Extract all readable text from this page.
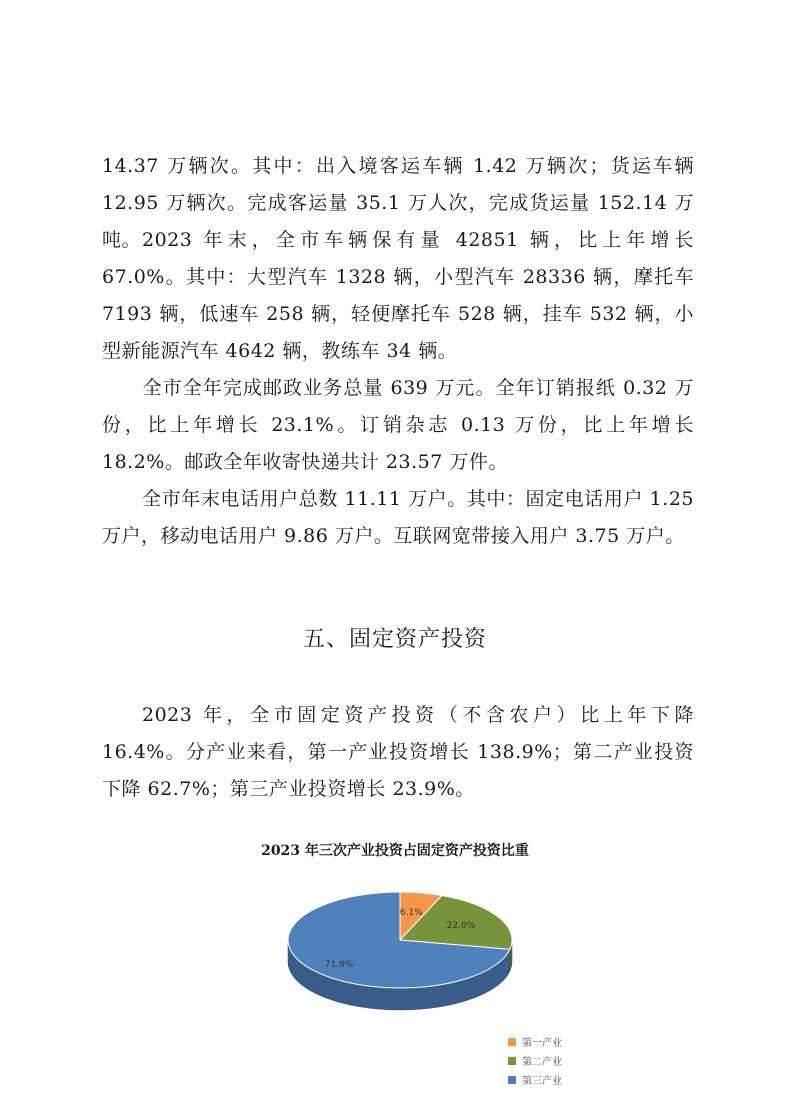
14.37 万辆次。其中：出入境客运车辆 1.42 万辆次；货运车辆 12.95 万辆次。完成客运量 35.1 万人次，完成货运量 152.14 万吨。 2023 年末，全市车辆保有量 42851 辆，比上年增长 67.0%。其中：大型汽车 1328 辆，小型汽车 28336 辆，摩托车 7193 辆，低速车 258 辆，轻便摩托车 528 辆，挂车 532 辆，小型新能源汽车 4642 辆，教练车 34 辆。
全市全年完成邮政业务总量 639 万元。全年订销报纸 0.32 万份，比上年增长 23.1%。订销杂志 0.13 万份，比上年增长 18.2%。邮政全年收寄快递共计 23.57 万件。
全市年末电话用户总数 11.11 万户。其中：固定电话用户 1.25 万户，移动电话用户 9.86 万户。互联网宽带接入用户 3.75 万户。
五、固定资产投资
2023 年，全市固定资产投资（不含农户）比上年下降 16.4%。分产业来看，第一产业投资增长 138.9%；第二产业投资下降 62.7%；第三产业投资增长 23.9%。
2023 年三次产业投资占固定资产投资比重
6.1%
22.0%
71.9%
第一产业
第二产业
第三产业
